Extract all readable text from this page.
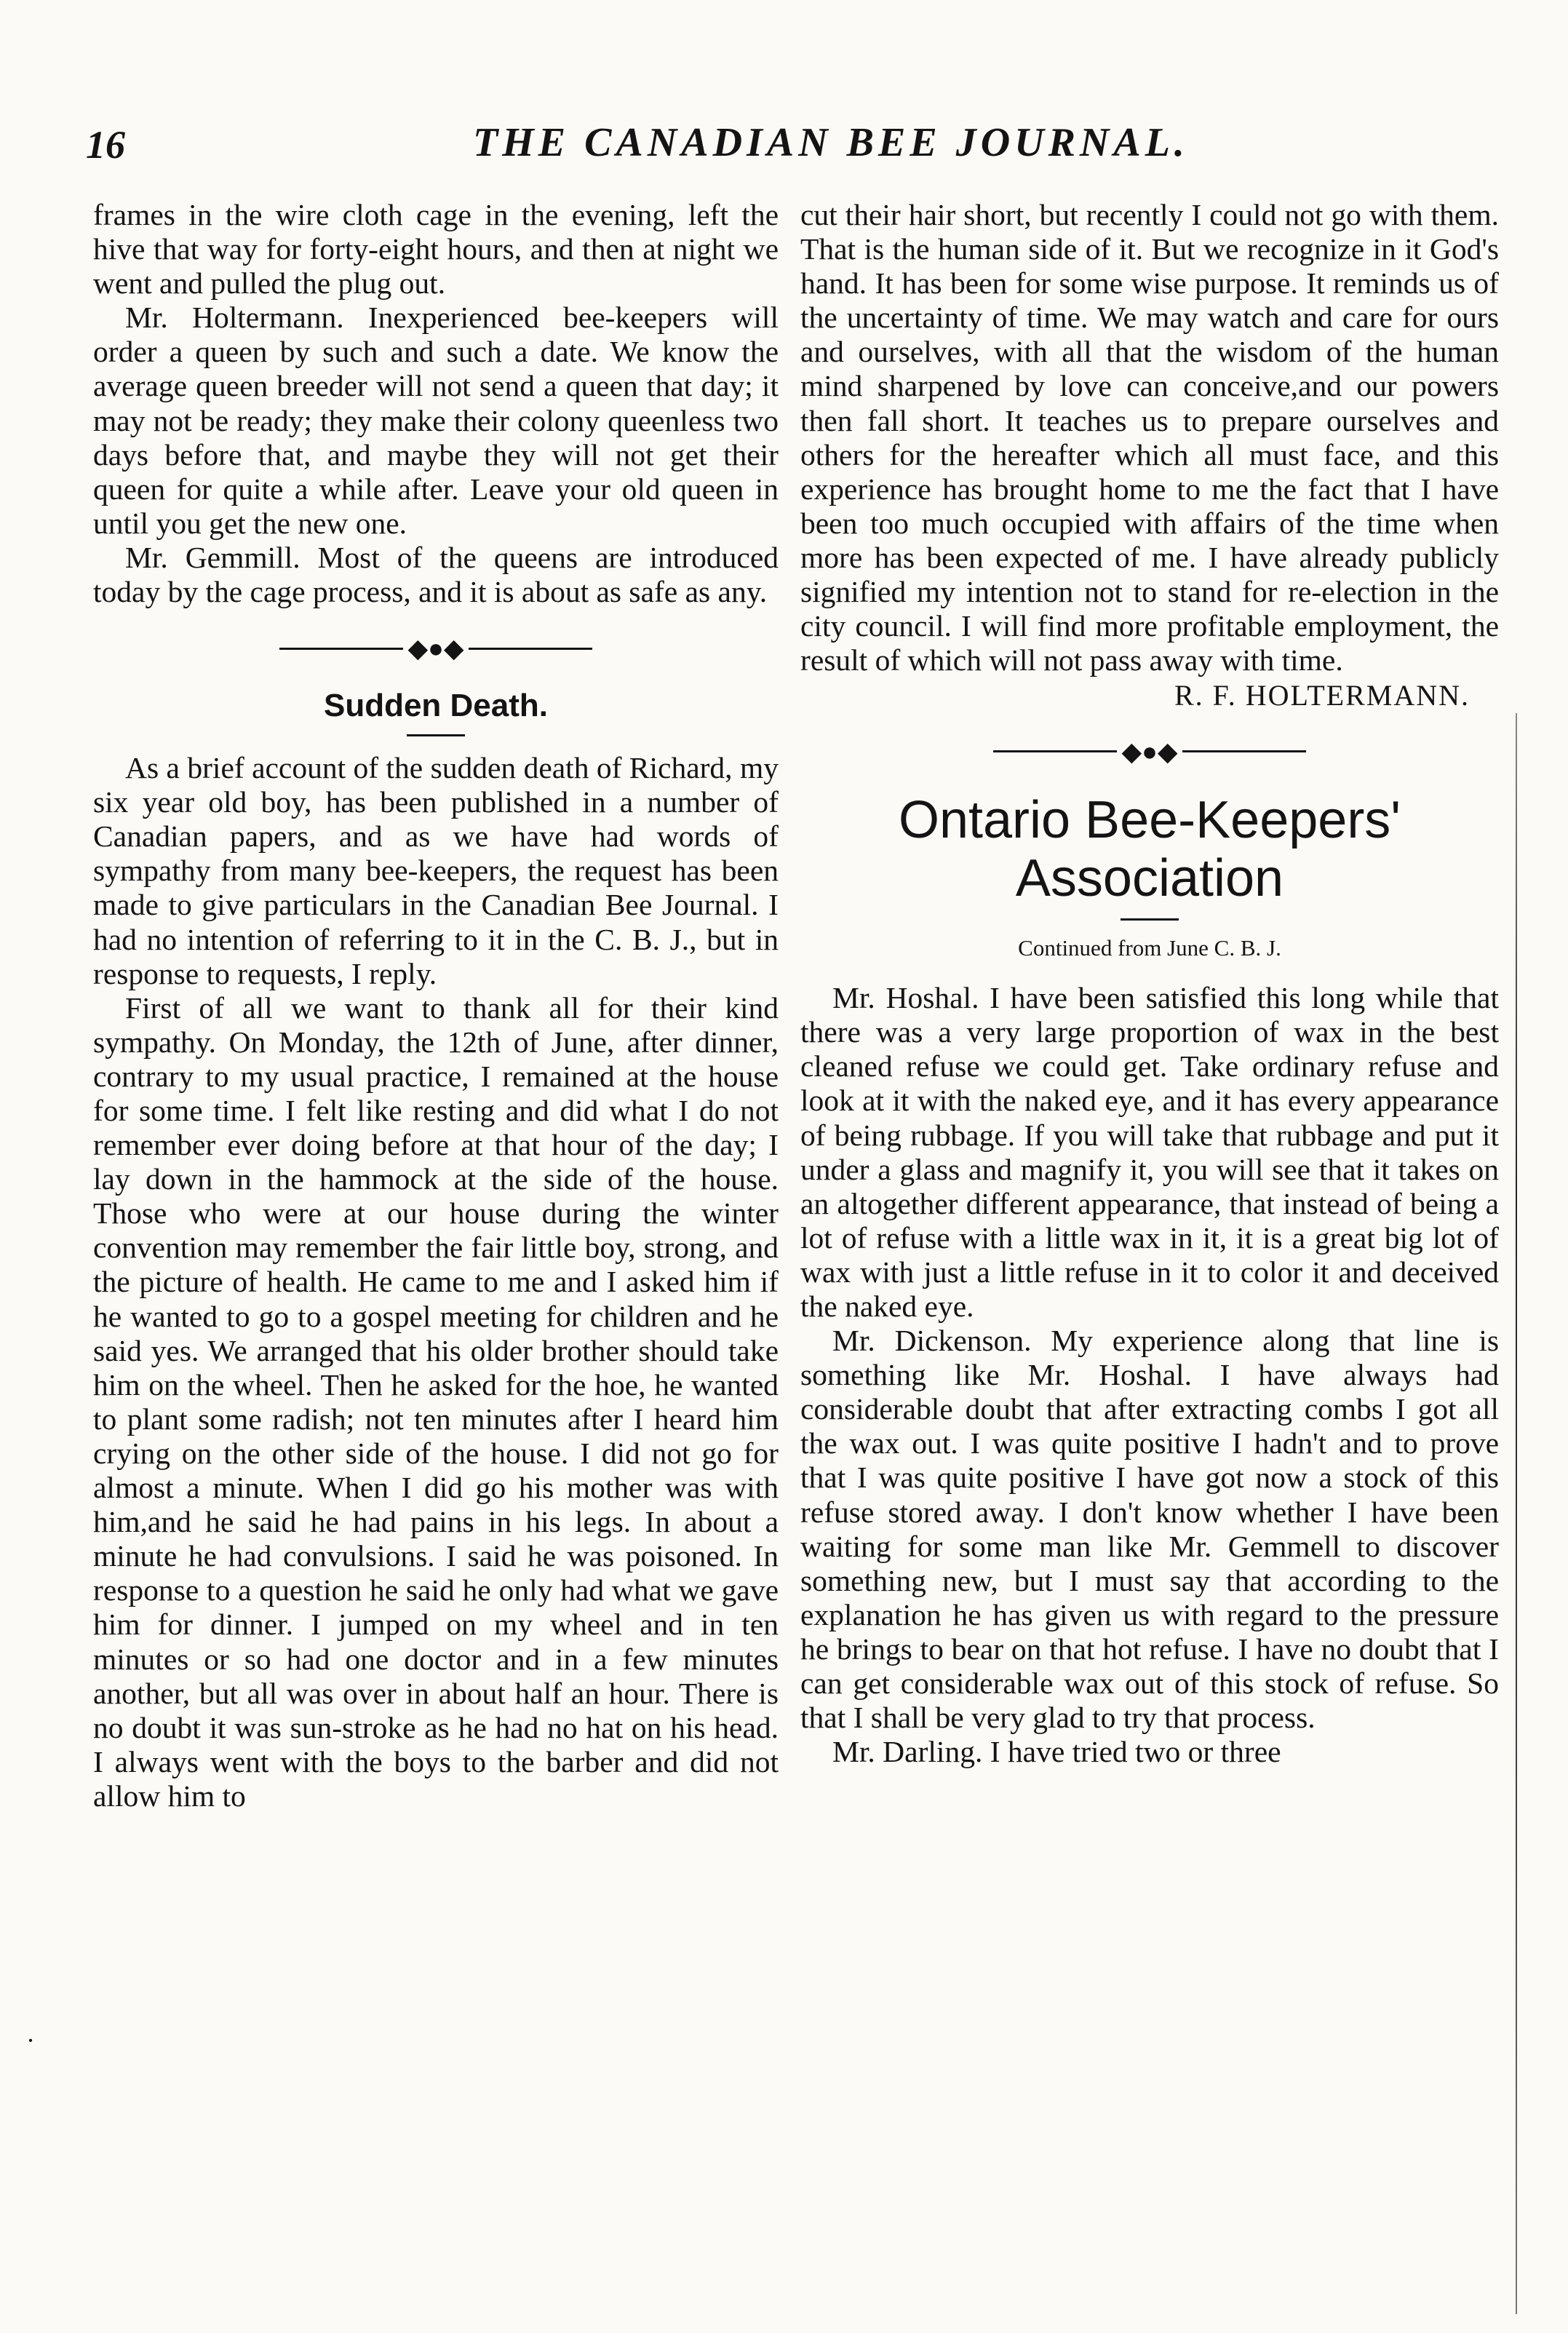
16	THE CANADIAN BEE JOURNAL.

frames in the wire cloth cage in the evening, left the hive that way for forty-eight hours, and then at night we went and pulled the plug out.

Mr. Holtermann. Inexperienced bee-keepers will order a queen by such and such a date. We know the average queen breeder will not send a queen that day; it may not be ready; they make their colony queenless two days before that, and maybe they will not get their queen for quite a while after. Leave your old queen in until you get the new one.

Mr. Gemmill. Most of the queens are introduced today by the cage process, and it is about as safe as any.

◆●◆
Sudden Death.

As a brief account of the sudden death of Richard, my six year old boy, has been published in a number of Canadian papers, and as we have had words of sympathy from many bee-keepers, the request has been made to give particulars in the Canadian Bee Journal. I had no intention of referring to it in the C. B. J., but in response to requests, I reply.

First of all we want to thank all for their kind sympathy. On Monday, the 12th of June, after dinner, contrary to my usual practice, I remained at the house for some time. I felt like resting and did what I do not remember ever doing before at that hour of the day; I lay down in the hammock at the side of the house. Those who were at our house during the winter convention may remember the fair little boy, strong, and the picture of health. He came to me and I asked him if he wanted to go to a gospel meeting for children and he said yes. We arranged that his older brother should take him on the wheel. Then he asked for the hoe, he wanted to plant some radish; not ten minutes after I heard him crying on the other side of the house. I did not go for almost a minute. When I did go his mother was with him,and he said he had pains in his legs. In about a minute he had convulsions. I said he was poisoned. In response to a question he said he only had what we gave him for dinner. I jumped on my wheel and in ten minutes or so had one doctor and in a few minutes another, but all was over in about half an hour. There is no doubt it was sun-stroke as he had no hat on his head. I always went with the boys to the barber and did not allow him to

cut their hair short, but recently I could not go with them. That is the human side of it. But we recognize in it God's hand. It has been for some wise purpose. It reminds us of the uncertainty of time. We may watch and care for ours and ourselves, with all that the wisdom of the human mind sharpened by love can conceive,and our powers then fall short. It teaches us to prepare ourselves and others for the hereafter which all must face, and this experience has brought home to me the fact that I have been too much occupied with affairs of the time when more has been expected of me. I have already publicly signified my intention not to stand for re-election in the city council. I will find more profitable employment, the result of which will not pass away with time.

R. F. HOLTERMANN.
◆●◆
Ontario Bee-Keepers' Association
Continued from June C. B. J.

Mr. Hoshal. I have been satisfied this long while that there was a very large proportion of wax in the best cleaned refuse we could get. Take ordinary refuse and look at it with the naked eye, and it has every appearance of being rubbage. If you will take that rubbage and put it under a glass and magnify it, you will see that it takes on an altogether different appearance, that instead of being a lot of refuse with a little wax in it, it is a great big lot of wax with just a little refuse in it to color it and deceived the naked eye.

Mr. Dickenson. My experience along that line is something like Mr. Hoshal. I have always had considerable doubt that after extracting combs I got all the wax out. I was quite positive I hadn't and to prove that I was quite positive I have got now a stock of this refuse stored away. I don't know whether I have been waiting for some man like Mr. Gemmell to discover something new, but I must say that according to the explanation he has given us with regard to the pressure he brings to bear on that hot refuse. I have no doubt that I can get considerable wax out of this stock of refuse. So that I shall be very glad to try that process.

Mr. Darling. I have tried two or three

·
